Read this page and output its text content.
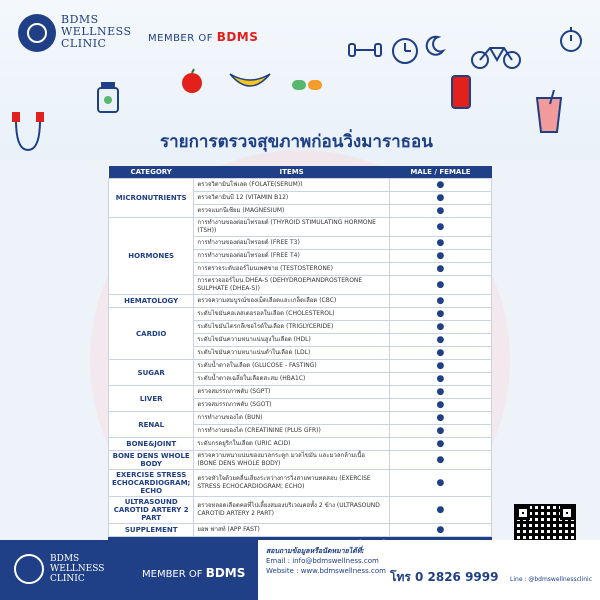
BDMS
WELLNESS
CLINIC	MEMBER OF BDMS
รายการตรวจสุขภาพก่อนวิ่งมาราธอน
CATEGORY	ITEMS	MALE / FEMALE
MICRONUTRIENTS	ตรวจวิตามินโฟเลต (FOLATE(SERUM))	●
	ตรวจวิตามินบี 12 (VITAMIN B12)	●
	ตรวจแมกนีเซียม (MAGNESIUM)	●
HORMONES	การทำงานของต่อมไทรอยด์ (THYROID STIMULATING HORMONE (TSH))	●
	การทำงานของต่อมไทรอยด์ (FREE T3)	●
	การทำงานของต่อมไทรอยด์ (FREE T4)	●
	การตรวจระดับฮอร์โมนเพศชาย (TESTOSTERONE)	●
	การตรวจฮอร์โมน DHEA-S (DEHYDROEPIANDROSTERONE SULPHATE (DHEA-S))	●
HEMATOLOGY	ตรวจความสมบูรณ์ของเม็ดเลือดและเกล็ดเลือด (CBC)	●
CARDIO	ระดับไขมันคอเลสเตอรอลในเลือด (CHOLESTEROL)	●
	ระดับไขมันไตรกลีเซอไรด์ในเลือด (TRIGLYCERIDE)	●
	ระดับไขมันความหนาแน่นสูงในเลือด (HDL)	●
	ระดับไขมันความหนาแน่นต่ำในเลือด (LDL)	●
SUGAR	ระดับน้ำตาลในเลือด (GLUCOSE - FASTING)	●
	ระดับน้ำตาลเฉลี่ยในเลือดสะสม (HBA1C)	●
LIVER	ตรวจสมรรถภาพตับ (SGPT)	●
	ตรวจสมรรถภาพตับ (SGOT)	●
RENAL	การทำงานของไต (BUN)	●
	การทำงานของไต (CREATININE (PLUS GFR))	●
BONE&JOINT	ระดับกรดยูริกในเลือด (URIC ACID)	●
BONE DENS WHOLE BODY	ตรวจความหนาแน่นของมวลกระดูก มวลไขมัน และมวลกล้ามเนื้อ (BONE DENS WHOLE BODY)	●
EXERCISE STRESS ECHOCARDIOGRAM; ECHO	ตรวจหัวใจด้วยคลื่นเสียงระหว่างการวิ่งสายพานทดสอบ (EXERCISE STRESS ECHOCARDIOGRAM; ECHO)	●
ULTRASOUND CAROTID ARTERY 2 PART	ตรวจหลอดเลือดคอที่ไปเลี้ยงสมองบริเวณคอทั้ง 2 ข้าง (ULTRASOUND CAROTID ARTERY 2 PART)	●
SUPPLEMENT	ยอพ ฟาสท์ (APP FAST)	●

BDMS
WELLNESS
CLINIC	MEMBER OF BDMS
สอบถามข้อมูลหรือนัดหมายได้ที่:
Email : info@bdmswellness.com
Website : www.bdmswellness.com โทร 0 2826 9999 Line : @bdmswellnessclinic
